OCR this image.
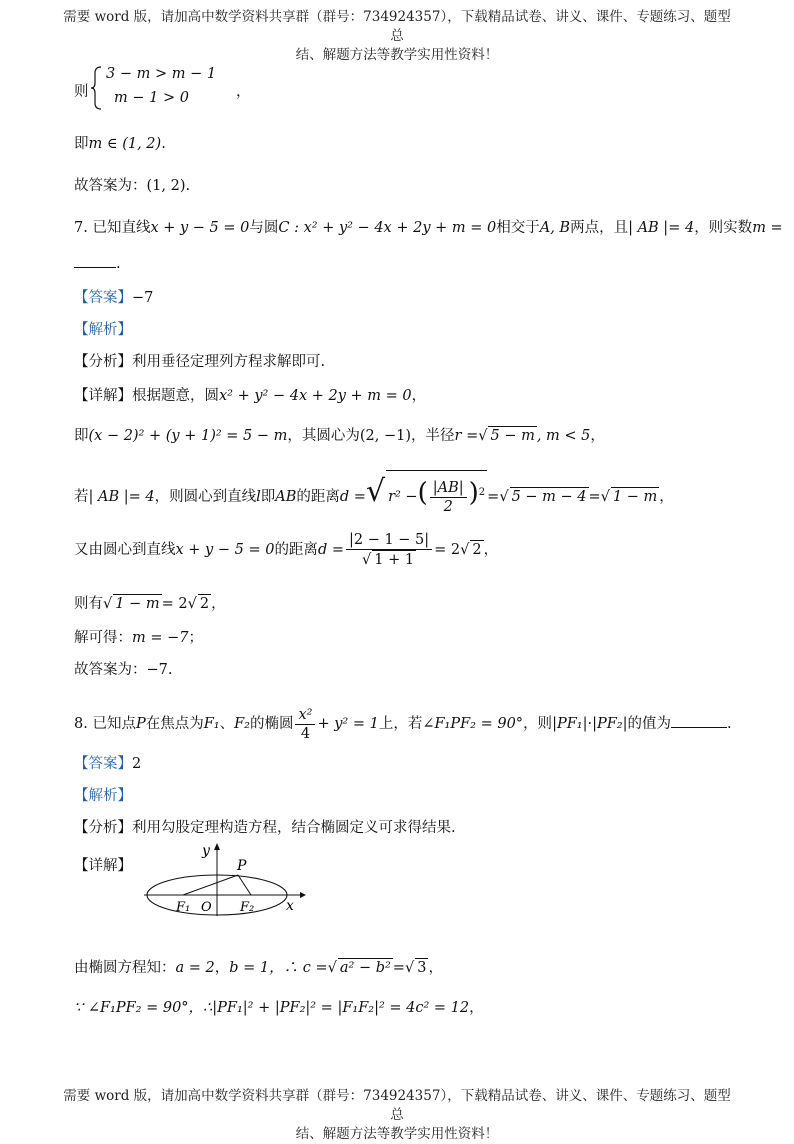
需要 word 版，请加高中数学资料共享群（群号：734924357），下载精品试卷、讲义、课件、专题练习、题型总
结、解题方法等教学实用性资料！
则
3 − m > m − 1
m − 1 > 0	，
即m ∈ (1, 2).
故答案为：(1, 2).
7. 已知直线x + y − 5 = 0与圆C : x² + y² − 4x + 2y + m = 0相交于A, B两点，且| AB |= 4，则实数m =
.
【答案】−7
【解析】
【分析】利用垂径定理列方程求解即可.
【详解】根据题意，圆x² + y² − 4x + 2y + m = 0，
即(x − 2)² + (y + 1)² = 5 − m，其圆心为(2, −1)，半径r =√ 5 − m , m < 5，
若| AB |= 4，则圆心到直线l即AB的距离d =√ r² −( $\frac{|AB|}{2} )^2$ =√ 5 − m − 4 =√ 1 − m ，
又由圆心到直线x + y − 5 = 0的距离$d = \frac{|2 - 1 - 5|}{√ 1 + 1} = 2√$ 2 ，
则有√ 1 − m = 2√ 2 ，
解可得：m = −7；
故答案为：−7.
8. 已知点P在焦点为F₁、F₂的椭圆 $\frac{\text{x²}}{4} + y^2 = 1$上，若∠F₁PF₂ = 90°，则|PF₁|·|PF₂|的值为	.
【答案】2
【解析】
【分析】利用勾股定理构造方程，结合椭圆定义可求得结果.
【详解】
y
P
F₁ O F₂ x
由椭圆方程知：a = 2，b = 1，∴ c =√ a² − b² =√ 3 ，
∵ ∠F₁PF₂ = 90°，∴|PF₁|² + |PF₂|² = |F₁F₂|² = 4c² = 12，
需要 word 版，请加高中数学资料共享群（群号：734924357），下载精品试卷、讲义、课件、专题练习、题型总
结、解题方法等教学实用性资料！
